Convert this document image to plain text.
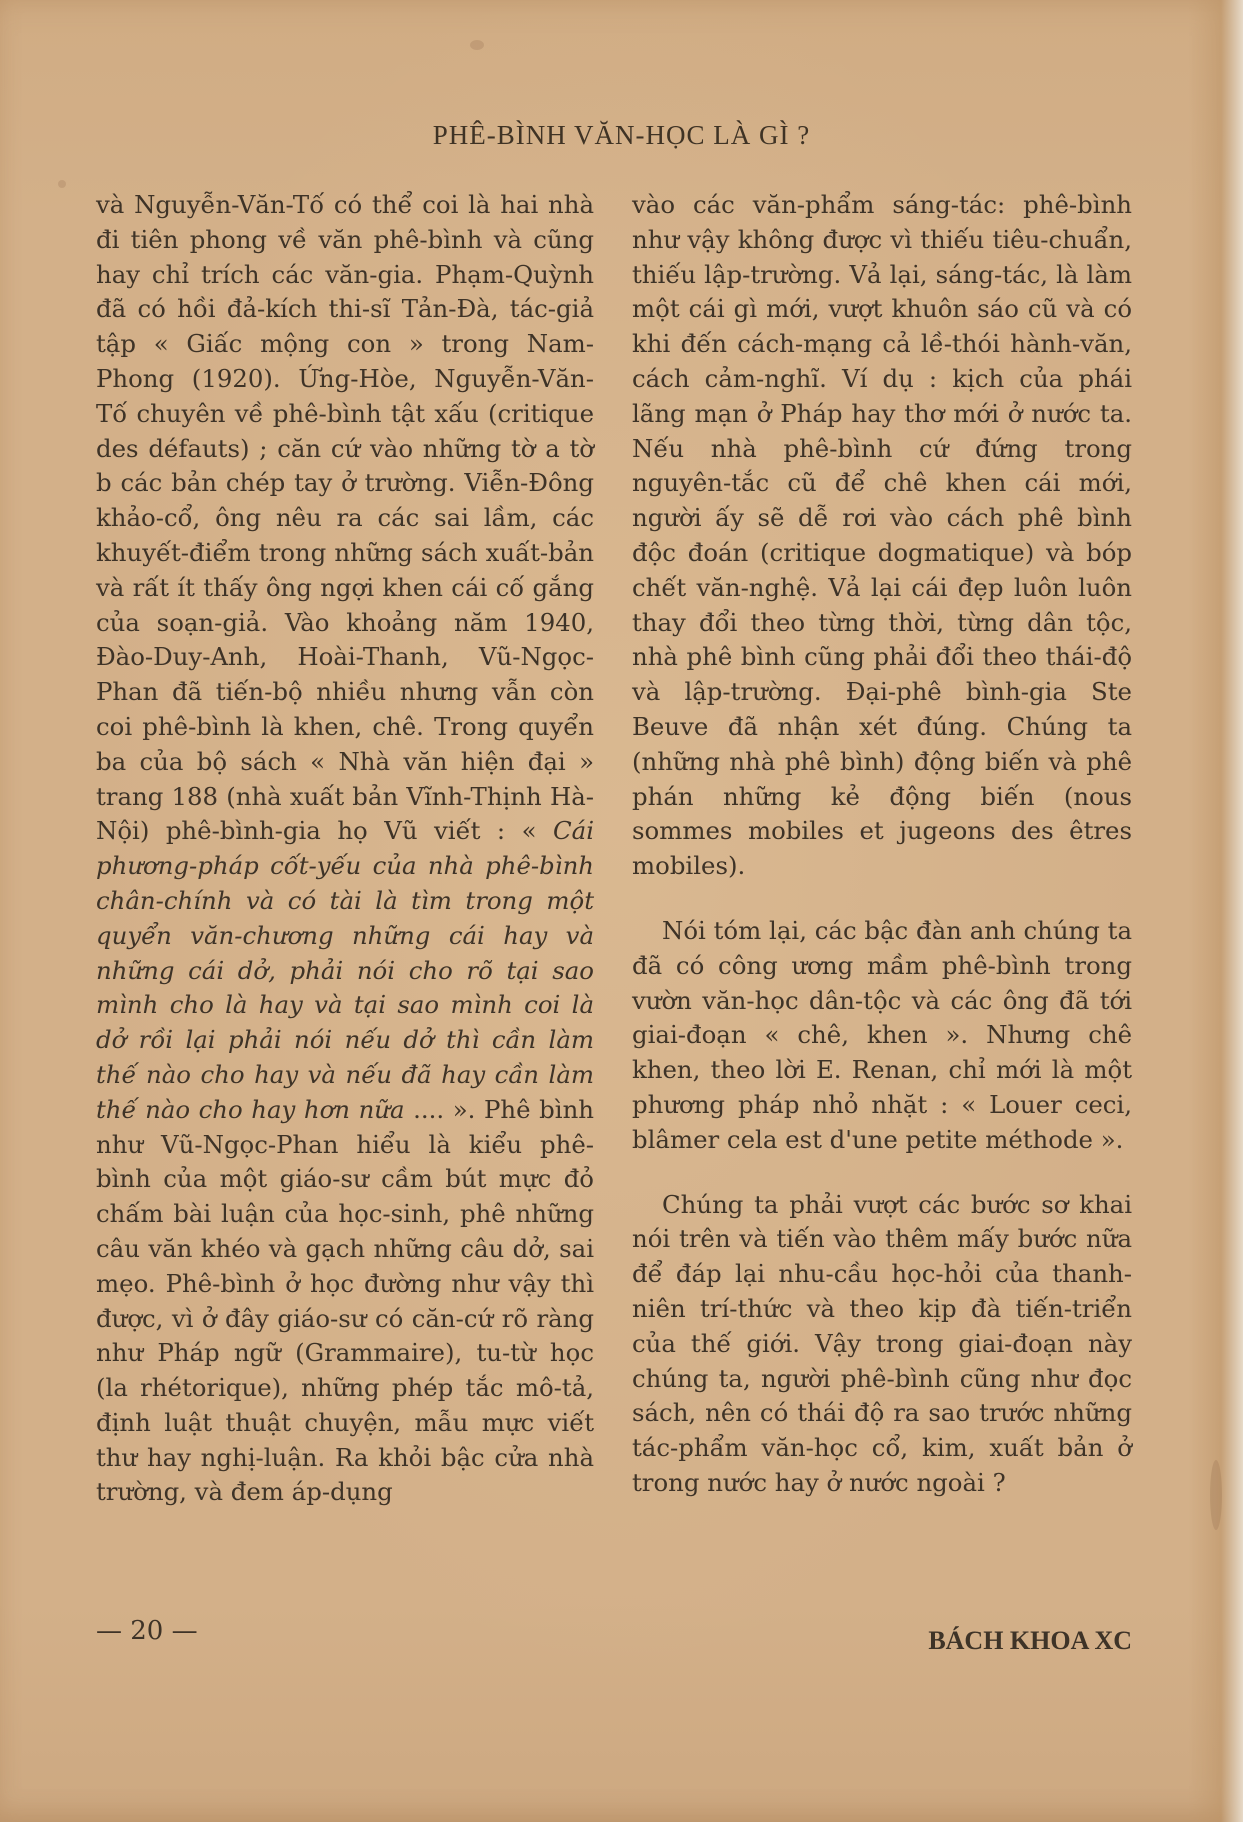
PHÊ-BÌNH VĂN-HỌC LÀ GÌ ?

và Nguyễn-Văn-Tố có thể coi là hai nhà đi tiên phong về văn phê-bình và cũng hay chỉ trích các văn-gia. Phạm-Quỳnh đã có hồi đả-kích thi-sĩ Tản-Đà, tác-giả tập « Giấc mộng con » trong Nam-Phong (1920). Ứng-Hòe, Nguyễn-Văn-Tố chuyên về phê-bình tật xấu (critique des défauts) ; căn cứ vào những tờ a tờ b các bản chép tay ở trường. Viễn-Đông khảo-cổ, ông nêu ra các sai lầm, các khuyết-điểm trong những sách xuất-bản và rất ít thấy ông ngợi khen cái cố gắng của soạn-giả. Vào khoảng năm 1940, Đào-Duy-Anh, Hoài-Thanh, Vũ-Ngọc-Phan đã tiến-bộ nhiều nhưng vẫn còn coi phê-bình là khen, chê. Trong quyển ba của bộ sách « Nhà văn hiện đại » trang 188 (nhà xuất bản Vĩnh-Thịnh Hà-Nội) phê-bình-gia họ Vũ viết : « Cái phương-pháp cốt-yếu của nhà phê-bình chân-chính và có tài là tìm trong một quyển văn-chương những cái hay và những cái dở, phải nói cho rõ tại sao mình cho là hay và tại sao mình coi là dở rồi lại phải nói nếu dở thì cần làm thế nào cho hay và nếu đã hay cần làm thế nào cho hay hơn nữa .... ». Phê bình như Vũ-Ngọc-Phan hiểu là kiểu phê-bình của một giáo-sư cầm bút mực đỏ chấm bài luận của học-sinh, phê những câu văn khéo và gạch những câu dở, sai mẹo. Phê-bình ở học đường như vậy thì được, vì ở đây giáo-sư có căn-cứ rõ ràng như Pháp ngữ (Grammaire), tu-từ học (la rhétorique), những phép tắc mô-tả, định luật thuật chuyện, mẫu mực viết thư hay nghị-luận. Ra khỏi bậc cửa nhà trường, và đem áp-dụng

vào các văn-phẩm sáng-tác: phê-bình như vậy không được vì thiếu tiêu-chuẩn, thiếu lập-trường. Vả lại, sáng-tác, là làm một cái gì mới, vượt khuôn sáo cũ và có khi đến cách-mạng cả lề-thói hành-văn, cách cảm-nghĩ. Ví dụ : kịch của phái lãng mạn ở Pháp hay thơ mới ở nước ta. Nếu nhà phê-bình cứ đứng trong nguyên-tắc cũ để chê khen cái mới, người ấy sẽ dễ rơi vào cách phê bình độc đoán (critique dogmatique) và bóp chết văn-nghệ. Vả lại cái đẹp luôn luôn thay đổi theo từng thời, từng dân tộc, nhà phê bình cũng phải đổi theo thái-độ và lập-trường. Đại-phê bình-gia Ste Beuve đã nhận xét đúng. Chúng ta (những nhà phê bình) động biến và phê phán những kẻ động biến (nous sommes mobiles et jugeons des êtres mobiles).

Nói tóm lại, các bậc đàn anh chúng ta đã có công ương mầm phê-bình trong vườn văn-học dân-tộc và các ông đã tới giai-đoạn « chê, khen ». Nhưng chê khen, theo lời E. Renan, chỉ mới là một phương pháp nhỏ nhặt : « Louer ceci, blâmer cela est d'une petite méthode ».

Chúng ta phải vượt các bước sơ khai nói trên và tiến vào thêm mấy bước nữa để đáp lại nhu-cầu học-hỏi của thanh-niên trí-thức và theo kịp đà tiến-triển của thế giới. Vậy trong giai-đoạn này chúng ta, người phê-bình cũng như đọc sách, nên có thái độ ra sao trước những tác-phẩm văn-học cổ, kim, xuất bản ở trong nước hay ở nước ngoài ?

— 20 —	BÁCH KHOA XC
